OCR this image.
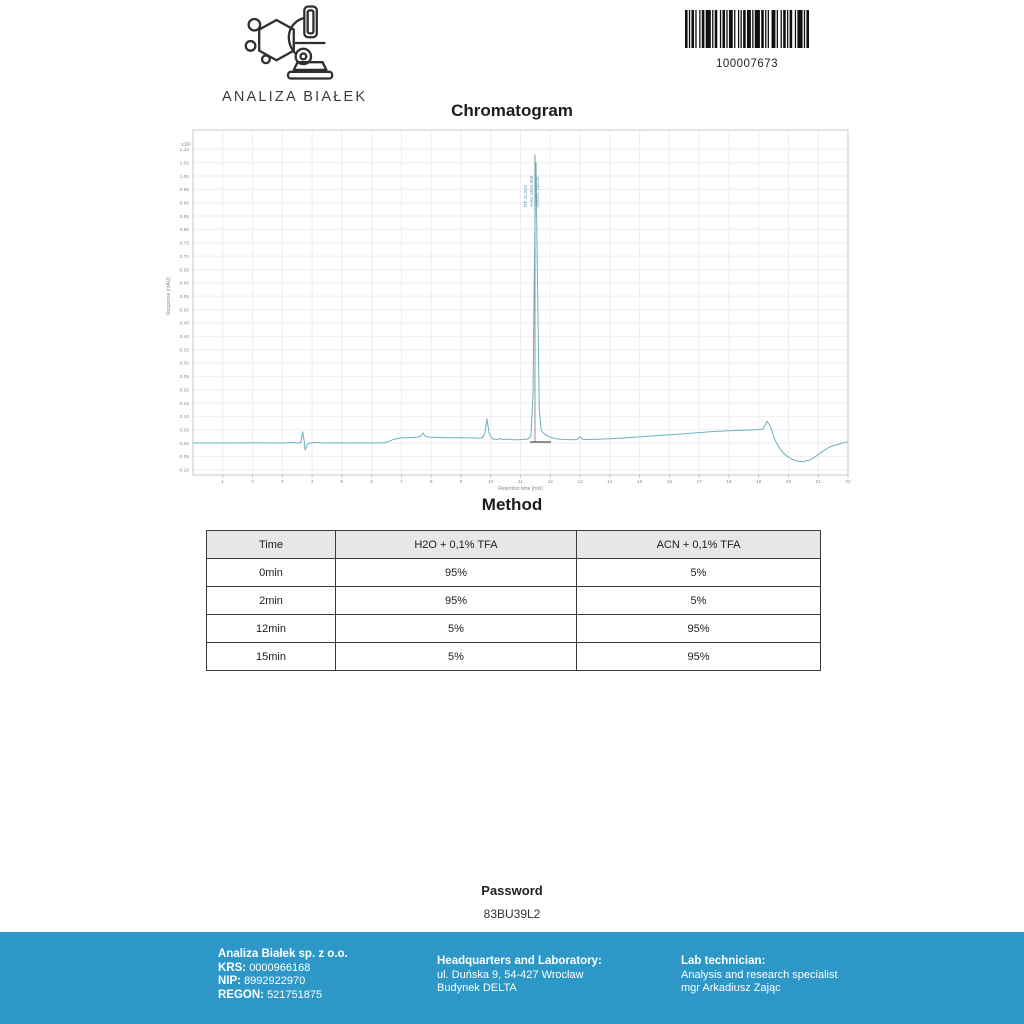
ANALIZA BIAŁEK
100007673
Chromatogram
-0.10
-0.05
0.00
0.05
0.10
0.15
0.20
0.25
0.30
0.35
0.40
0.45
0.50
0.55
0.60
0.65
0.70
0.75
0.80
0.85
0.90
0.95
1.00
1.05
1.10
x10²
Response [mAU]
1	2	3	4	5	6	7	8	9	10	11	12	13	14	15	16	17	18	19	20	21	22
Retention time [min]
RT: 11.524 Area: 5924.909 Area%: 100.00
Method
Time	H2O + 0,1% TFA	ACN + 0,1% TFA
0min	95%	5%
2min	95%	5%
12min	5%	95%
15min	5%	95%
Password
83BU39L2
Analiza Białek sp. z o.o.
KRS: 0000966168
NIP: 8992922970
REGON: 521751875
Headquarters and Laboratory:
ul. Duńska 9, 54-427 Wrocław
Budynek DELTA
Lab technician:
Analysis and research specialist
mgr Arkadiusz Zając
